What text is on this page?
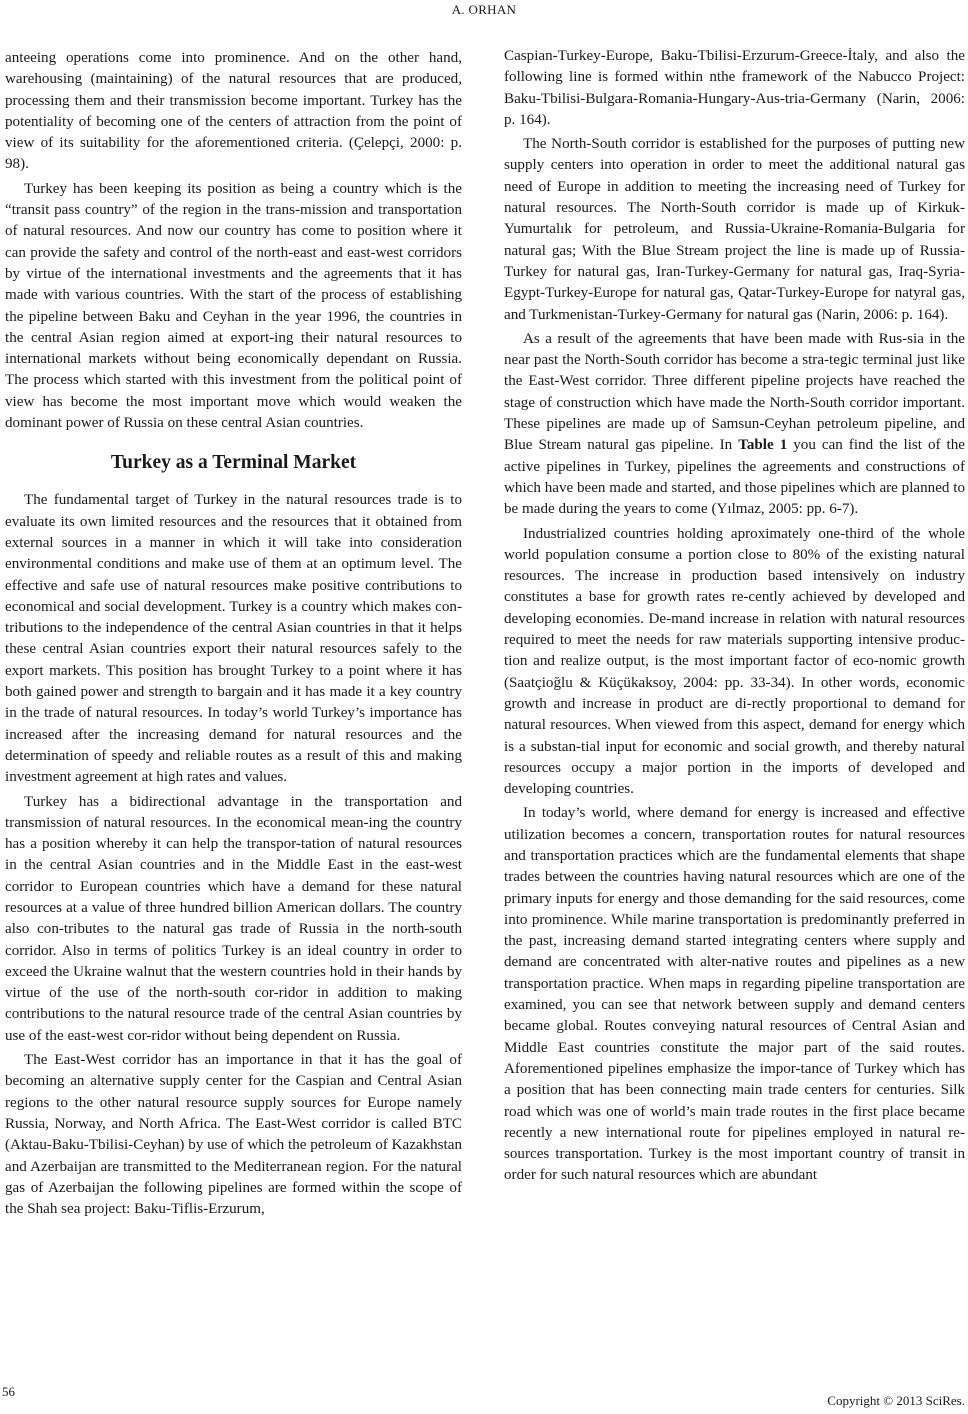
A. ORHAN

anteeing operations come into prominence. And on the other hand, warehousing (maintaining) of the natural resources that are produced, processing them and their transmission become important. Turkey has the potentiality of becoming one of the centers of attraction from the point of view of its suitability for the aforementioned criteria. (Çelepçi, 2000: p. 98).

Turkey has been keeping its position as being a country which is the “transit pass country” of the region in the trans-mission and transportation of natural resources. And now our country has come to position where it can provide the safety and control of the north-east and east-west corridors by virtue of the international investments and the agreements that it has made with various countries. With the start of the process of establishing the pipeline between Baku and Ceyhan in the year 1996, the countries in the central Asian region aimed at export-ing their natural resources to international markets without being economically dependant on Russia. The process which started with this investment from the political point of view has become the most important move which would weaken the dominant power of Russia on these central Asian countries.

Turkey as a Terminal Market

The fundamental target of Turkey in the natural resources trade is to evaluate its own limited resources and the resources that it obtained from external sources in a manner in which it will take into consideration environmental conditions and make use of them at an optimum level. The effective and safe use of natural resources make positive contributions to economical and social development. Turkey is a country which makes con-tributions to the independence of the central Asian countries in that it helps these central Asian countries export their natural resources safely to the export markets. This position has brought Turkey to a point where it has both gained power and strength to bargain and it has made it a key country in the trade of natural resources. In today’s world Turkey’s importance has increased after the increasing demand for natural resources and the determination of speedy and reliable routes as a result of this and making investment agreement at high rates and values.

Turkey has a bidirectional advantage in the transportation and transmission of natural resources. In the economical mean-ing the country has a position whereby it can help the transpor-tation of natural resources in the central Asian countries and in the Middle East in the east-west corridor to European countries which have a demand for these natural resources at a value of three hundred billion American dollars. The country also con-tributes to the natural gas trade of Russia in the north-south corridor. Also in terms of politics Turkey is an ideal country in order to exceed the Ukraine walnut that the western countries hold in their hands by virtue of the use of the north-south cor-ridor in addition to making contributions to the natural resource trade of the central Asian countries by use of the east-west cor-ridor without being dependent on Russia.

The East-West corridor has an importance in that it has the goal of becoming an alternative supply center for the Caspian and Central Asian regions to the other natural resource supply sources for Europe namely Russia, Norway, and North Africa. The East-West corridor is called BTC (Aktau-Baku-Tbilisi-Ceyhan) by use of which the petroleum of Kazakhstan and Azerbaijan are transmitted to the Mediterranean region. For the natural gas of Azerbaijan the following pipelines are formed within the scope of the Shah sea project: Baku-Tiflis-Erzurum,

Caspian-Turkey-Europe, Baku-Tbilisi-Erzurum-Greece-İtaly, and also the following line is formed within nthe framework of the Nabucco Project: Baku-Tbilisi-Bulgara-Romania-Hungary-Aus-tria-Germany (Narin, 2006: p. 164).

The North-South corridor is established for the purposes of putting new supply centers into operation in order to meet the additional natural gas need of Europe in addition to meeting the increasing need of Turkey for natural resources. The North-South corridor is made up of Kirkuk-Yumurtalık for petroleum, and Russia-Ukraine-Romania-Bulgaria for natural gas; With the Blue Stream project the line is made up of Russia-Turkey for natural gas, Iran-Turkey-Germany for natural gas, Iraq-Syria-Egypt-Turkey-Europe for natural gas, Qatar-Turkey-Europe for natyral gas, and Turkmenistan-Turkey-Germany for natural gas (Narin, 2006: p. 164).

As a result of the agreements that have been made with Rus-sia in the near past the North-South corridor has become a stra-tegic terminal just like the East-West corridor. Three different pipeline projects have reached the stage of construction which have made the North-South corridor important. These pipelines are made up of Samsun-Ceyhan petroleum pipeline, and Blue Stream natural gas pipeline. In Table 1 you can find the list of the active pipelines in Turkey, pipelines the agreements and constructions of which have been made and started, and those pipelines which are planned to be made during the years to come (Yılmaz, 2005: pp. 6-7).

Industrialized countries holding aproximately one-third of the whole world population consume a portion close to 80% of the existing natural resources. The increase in production based intensively on industry constitutes a base for growth rates re-cently achieved by developed and developing economies. De-mand increase in relation with natural resources required to meet the needs for raw materials supporting intensive produc-tion and realize output, is the most important factor of eco-nomic growth (Saatçioğlu & Küçükaksoy, 2004: pp. 33-34). In other words, economic growth and increase in product are di-rectly proportional to demand for natural resources. When viewed from this aspect, demand for energy which is a substan-tial input for economic and social growth, and thereby natural resources occupy a major portion in the imports of developed and developing countries.

In today’s world, where demand for energy is increased and effective utilization becomes a concern, transportation routes for natural resources and transportation practices which are the fundamental elements that shape trades between the countries having natural resources which are one of the primary inputs for energy and those demanding for the said resources, come into prominence. While marine transportation is predominantly preferred in the past, increasing demand started integrating centers where supply and demand are concentrated with alter-native routes and pipelines as a new transportation practice. When maps in regarding pipeline transportation are examined, you can see that network between supply and demand centers became global. Routes conveying natural resources of Central Asian and Middle East countries constitute the major part of the said routes. Aforementioned pipelines emphasize the impor-tance of Turkey which has a position that has been connecting main trade centers for centuries. Silk road which was one of world’s main trade routes in the first place became recently a new international route for pipelines employed in natural re-sources transportation. Turkey is the most important country of transit in order for such natural resources which are abundant

56
Copyright © 2013 SciRes.
